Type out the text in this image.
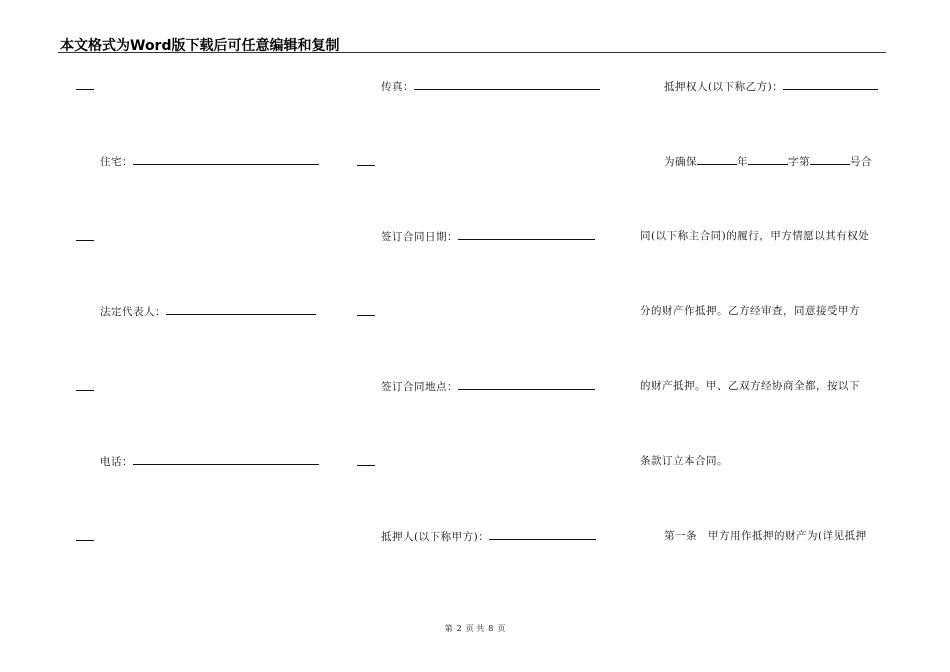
本文格式为Word版下载后可任意编辑和复制
住宅：
法定代表人：
电话：
传真：
签订合同日期：
签订合同地点：
抵押人(以下称甲方)：
抵押权人(以下称乙方)：
为确保	年	字第	号合
同(以下称主合同)的履行，甲方情愿以其有权处
分的财产作抵押。乙方经审查，同意接受甲方
的财产抵押。甲、乙双方经协商全都，按以下
条款订立本合同。
第一条　甲方用作抵押的财产为(详见抵押
第 2 页 共 8 页
